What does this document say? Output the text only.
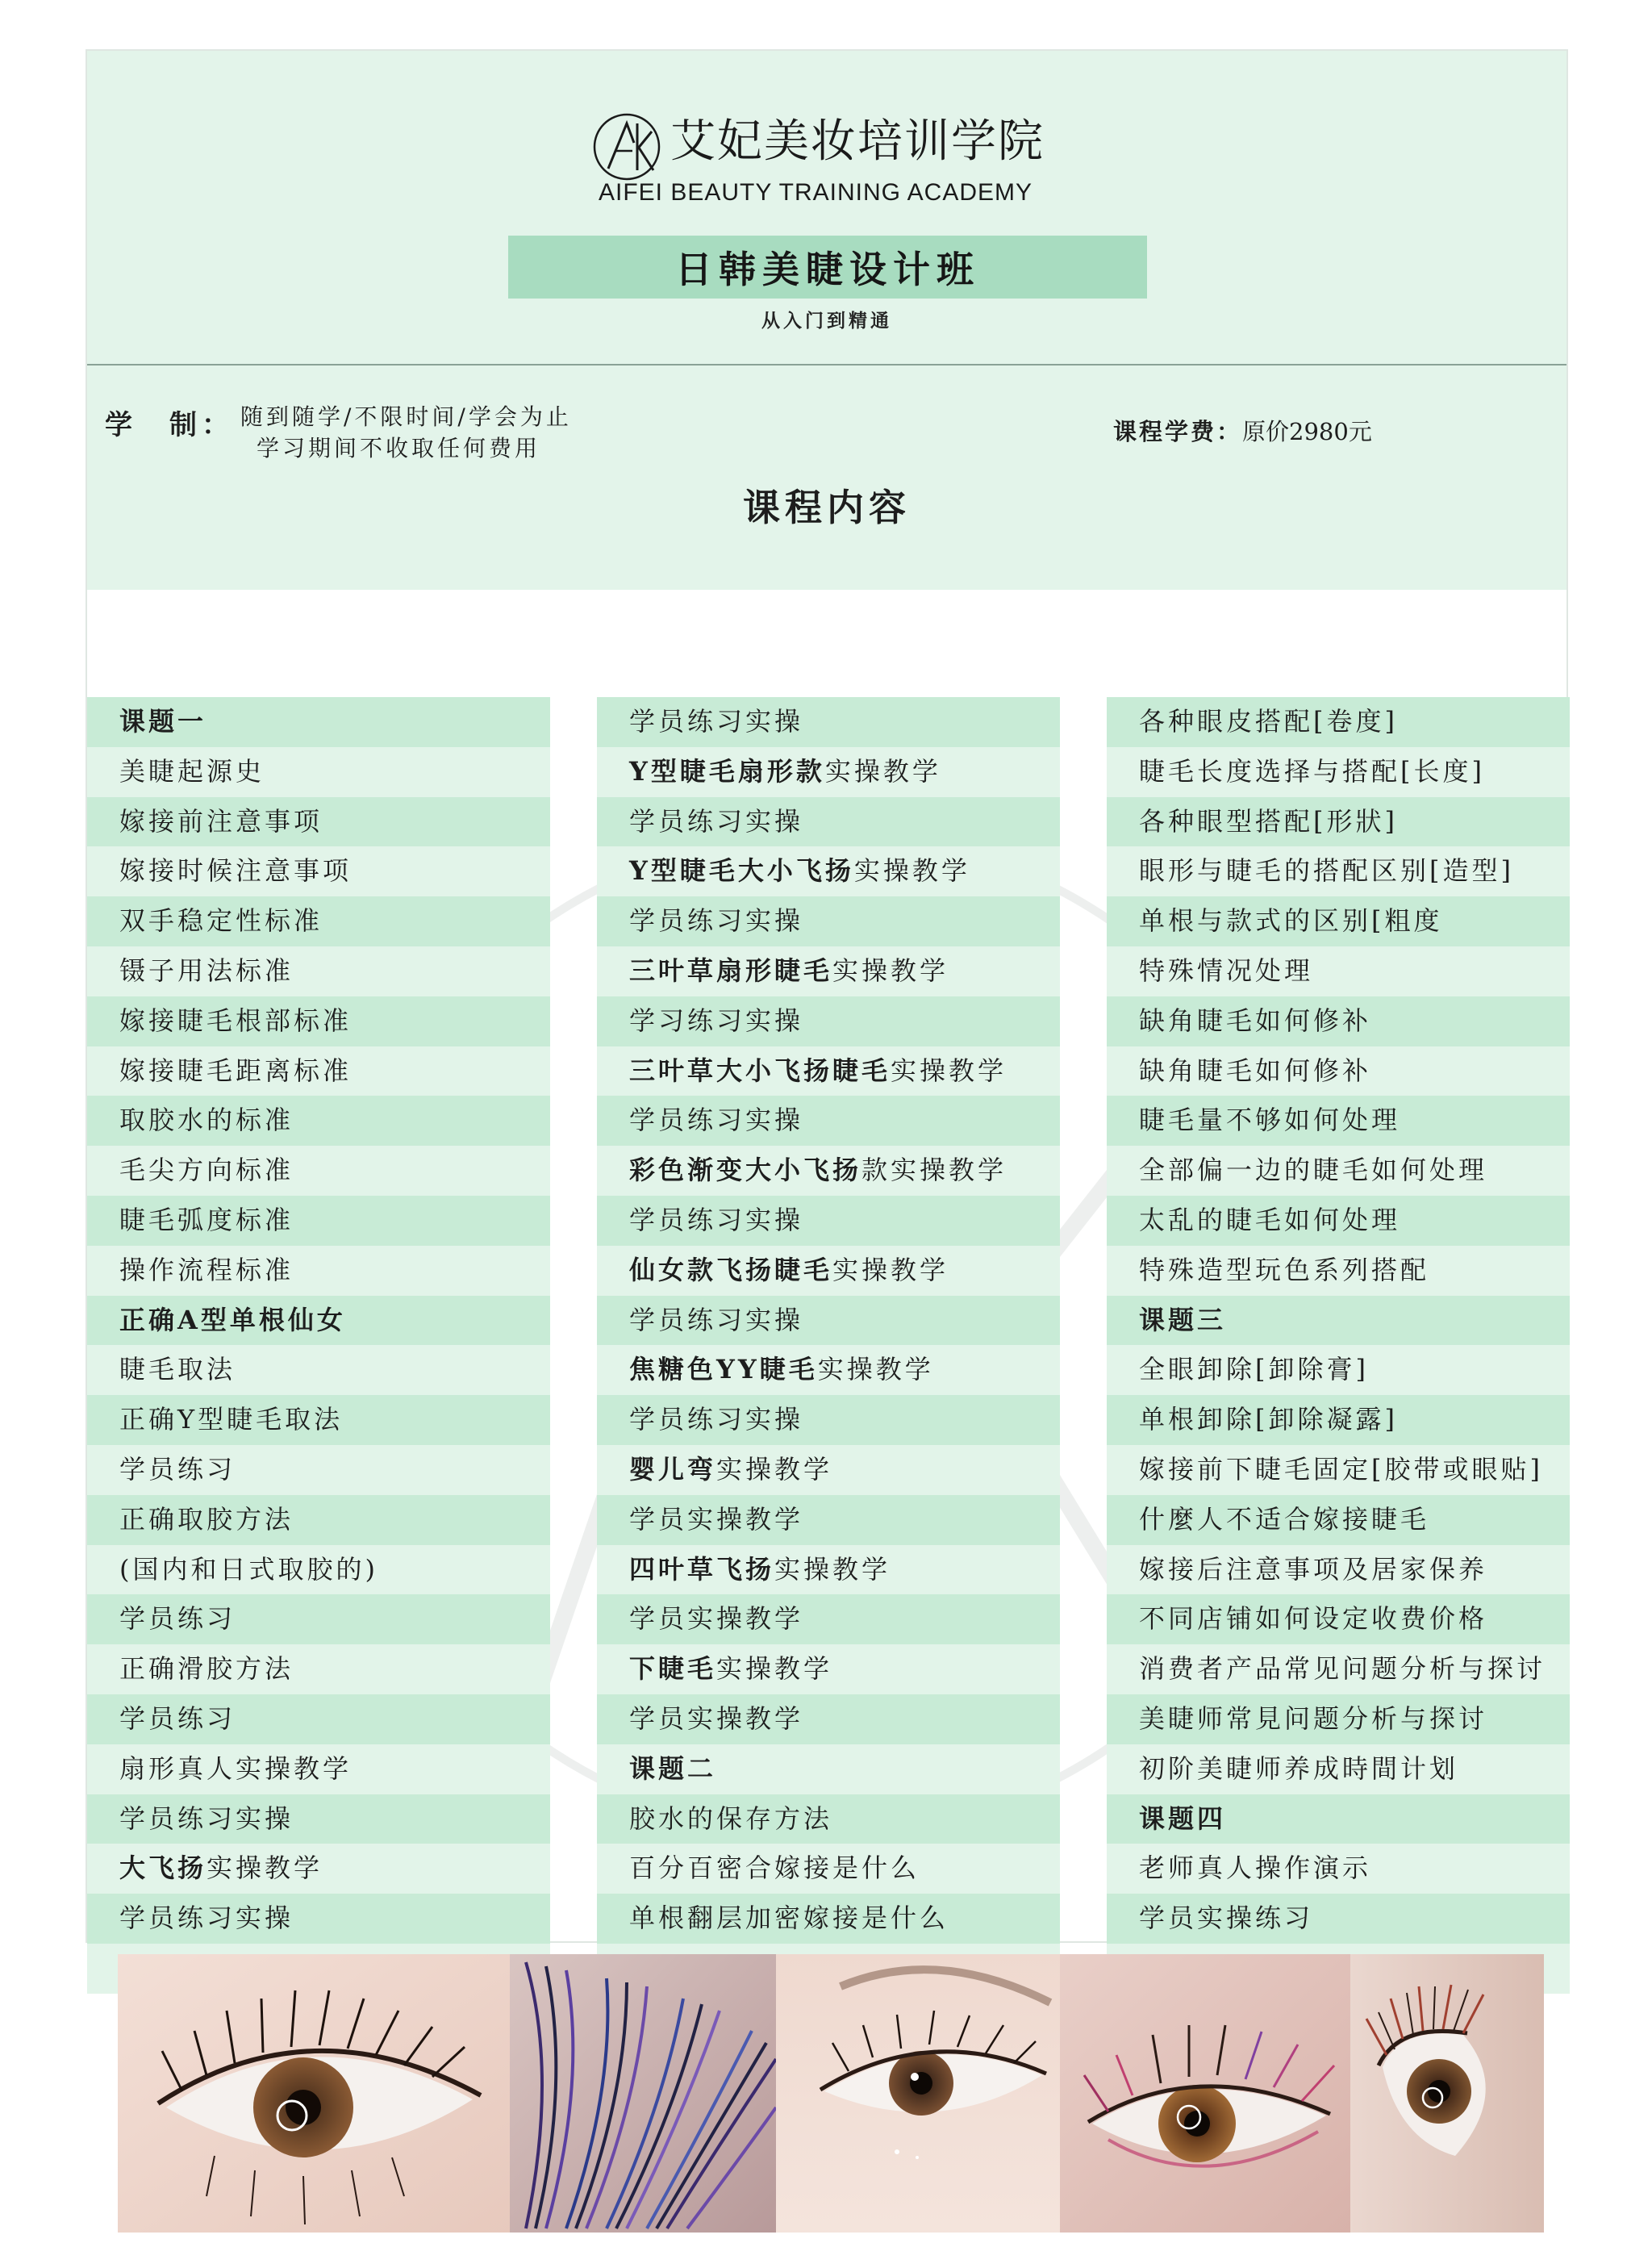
艾妃美妆培训学院
AIFEI BEAUTY TRAINING ACADEMY
日韩美睫设计班
从入门到精通
学　制： 随到随学/不限时间/学会为止
学习期间不收取任何费用
课程学费：原价2980元
课程内容
课题一
美睫起源史
嫁接前注意事项
嫁接时候注意事项
双手稳定性标准
镊子用法标准
嫁接睫毛根部标准
嫁接睫毛距离标准
取胶水的标准
毛尖方向标准
睫毛弧度标准
操作流程标准
正确A型单根仙女
睫毛取法
正确Y型睫毛取法
学员练习
正确取胶方法
(国内和日式取胶的)
学员练习
正确滑胶方法
学员练习
扇形真人实操教学
学员练习实操
大飞扬实操教学
学员练习实操
学员练习实操
Y型睫毛扇形款实操教学
学员练习实操
Y型睫毛大小飞扬实操教学
学员练习实操
三叶草扇形睫毛实操教学
学习练习实操
三叶草大小飞扬睫毛实操教学
学员练习实操
彩色渐变大小飞扬款实操教学
学员练习实操
仙女款飞扬睫毛实操教学
学员练习实操
焦糖色YY睫毛实操教学
学员练习实操
婴儿弯实操教学
学员实操教学
四叶草飞扬实操教学
学员实操教学
下睫毛实操教学
学员实操教学
课题二
胶水的保存方法
百分百密合嫁接是什么
单根翻层加密嫁接是什么
各种眼皮搭配[卷度]
睫毛长度选择与搭配[长度]
各种眼型搭配[形狀]
眼形与睫毛的搭配区别[造型]
单根与款式的区别[粗度
特殊情况处理
缺角睫毛如何修补
缺角睫毛如何修补
睫毛量不够如何处理
全部偏一边的睫毛如何处理
太乱的睫毛如何处理
特殊造型玩色系列搭配
课题三
全眼卸除[卸除膏]
单根卸除[卸除凝露]
嫁接前下睫毛固定[胶带或眼贴]
什麼人不适合嫁接睫毛
嫁接后注意事项及居家保养
不同店铺如何设定收费价格
消费者产品常见问题分析与探讨
美睫师常見问题分析与探讨
初阶美睫师养成時間计划
课题四
老师真人操作演示
学员实操练习
